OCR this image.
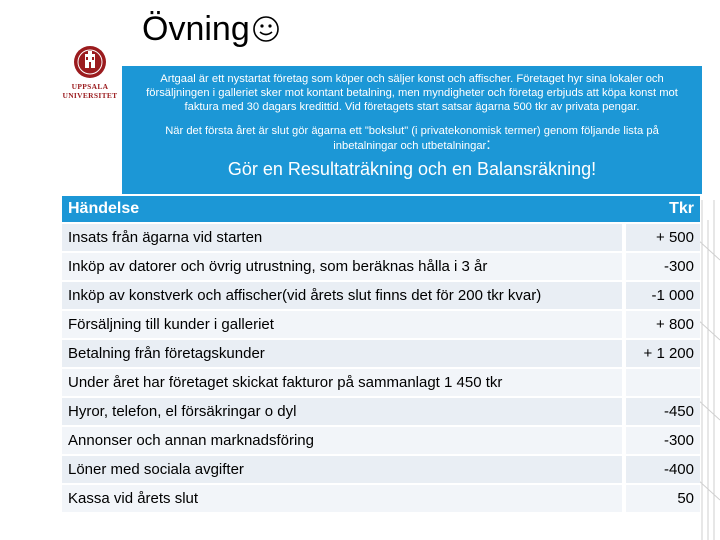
UPPSALA
UNIVERSITET
Övning

Artgaal är ett nystartat företag som köper och säljer konst och affischer. Företaget hyr sina lokaler och försäljningen i galleriet sker mot kontant betalning, men myndigheter och företag erbjuds att köpa konst mot faktura med 30 dagars kredittid. Vid företagets start satsar ägarna 500 tkr av privata pengar.

När det första året är slut gör ägarna ett "bokslut" (i privatekonomisk termer) genom följande lista på inbetalningar och utbetalningar:

Gör en Resultaträkning och en Balansräkning!

Händelse	Tkr
Insats från ägarna vid starten	+ 500
Inköp av datorer och övrig utrustning, som beräknas hålla i 3 år	-300
Inköp av konstverk och affischer(vid årets slut finns det för 200 tkr kvar)	-1 000
Försäljning till kunder i galleriet	+ 800
Betalning från företagskunder	+ 1 200
Under året har företaget skickat fakturor på sammanlagt 1 450 tkr	
Hyror, telefon, el försäkringar o dyl	-450
Annonser och annan marknadsföring	-300
Löner med sociala avgifter	-400
Kassa vid årets slut	50
